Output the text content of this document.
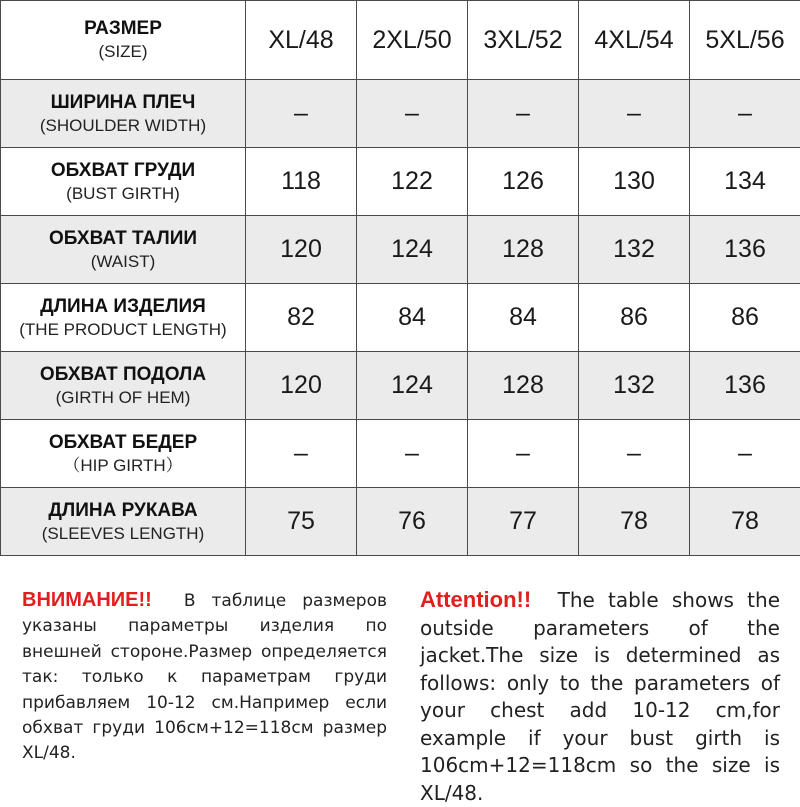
РАЗМЕР
(SIZE)	XL/48	2XL/50	3XL/52	4XL/54	5XL/56

ШИРИНА ПЛЕЧ
(SHOULDER WIDTH)	–	–	–	–	–

ОБХВАТ ГРУДИ
(BUST GIRTH)	118	122	126	130	134

ОБХВАТ ТАЛИИ
(WAIST)	120	124	128	132	136

ДЛИНА ИЗДЕЛИЯ
(THE PRODUCT LENGTH)	82	84	84	86	86

ОБХВАТ ПОДОЛА
(GIRTH OF HEM)	120	124	128	132	136

ОБХВАТ БЕДЕР
（HIP GIRTH）	–	–	–	–	–

ДЛИНА РУКАВА
(SLEEVES LENGTH)	75	76	77	78	78

ВНИМАНИЕ!! В таблице размеров указаны параметры изделия по внешней стороне.Размер определяется так: только к параметрам груди прибавляем 10-12 см.Например если обхват груди 106см+12=118см размер XL/48.

Attention!! The table shows the outside parameters of the jacket.The size is determined as follows: only to the parameters of your chest add 10-12 cm,for example if your bust girth is 106cm+12=118cm so the size is XL/48.
